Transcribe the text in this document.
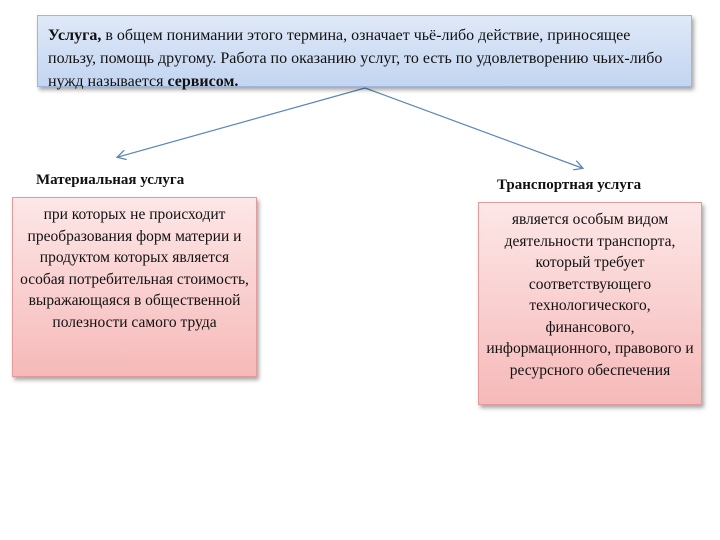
Услуга, в общем понимании этого термина, означает чьё-либо действие, приносящее пользу, помощь другому. Работа по оказанию услуг, то есть по удовлетворению чьих-либо нужд называется сервисом.
Материальная услуга
при которых не происходит преобразования форм материи и продуктом которых является особая потребительная стоимость, выражающаяся в общественной полезности самого труда
Транспортная услуга
является особым видом деятельности транспорта, который требует соответствующего технологического, финансового, информационного, правового и ресурсного обеспечения
